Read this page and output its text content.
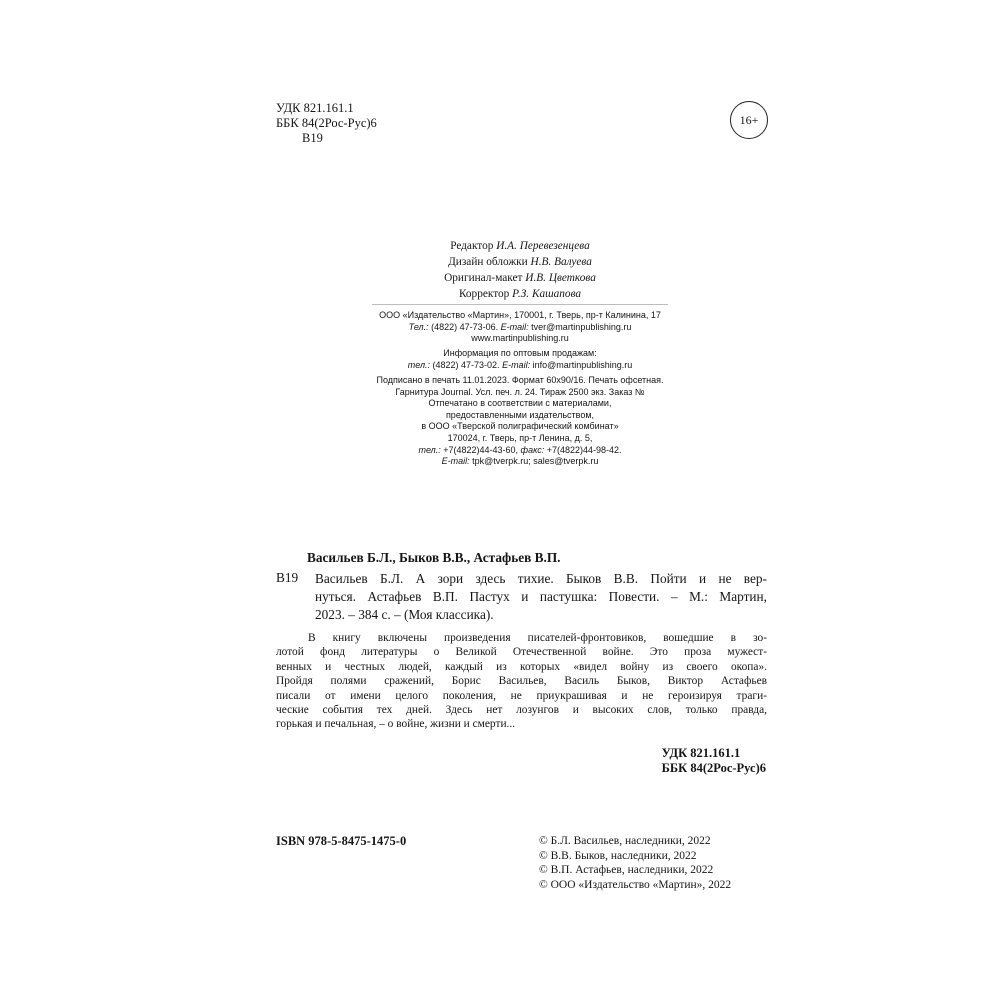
УДК 821.161.1
ББК 84(2Рос-Рус)6
В19
16+
Редактор И.А. Перевезенцева
Дизайн обложки Н.В. Валуева
Оригинал-макет И.В. Цветкова
Корректор Р.З. Кашапова
ООО «Издательство «Мартин», 170001, г. Тверь, пр-т Калинина, 17
Тел.: (4822) 47-73-06. E-mail: tver@martinpublishing.ru
www.martinpublishing.ru
Информация по оптовым продажам:
тел.: (4822) 47-73-02. E-mail: info@martinpublishing.ru
Подписано в печать 11.01.2023. Формат 60x90/16. Печать офсетная.
Гарнитура Journal. Усл. печ. л. 24. Тираж 2500 экз. Заказ №
Отпечатано в соответствии с материалами,
предоставленными издательством,
в ООО «Тверской полиграфический комбинат»
170024, г. Тверь, пр-т Ленина, д. 5,
тел.: +7(4822)44-43-60, факс: +7(4822)44-98-42.
E-mail: tpk@tverpk.ru; sales@tverpk.ru
Васильев Б.Л., Быков В.В., Астафьев В.П.
В19 Васильев Б.Л. А зори здесь тихие. Быков В.В. Пойти и не вер-
нуться. Астафьев В.П. Пастух и пастушка: Повести. – М.: Мартин,
2023. – 384 с. – (Моя классика).
В книгу включены произведения писателей-фронтовиков, вошедшие в зо-
лотой фонд литературы о Великой Отечественной войне. Это проза мужест-
венных и честных людей, каждый из которых «видел войну из своего окопа».
Пройдя полями сражений, Борис Васильев, Василь Быков, Виктор Астафьев
писали от имени целого поколения, не приукрашивая и не героизируя траги-
ческие события тех дней. Здесь нет лозунгов и высоких слов, только правда,
горькая и печальная, – о войне, жизни и смерти...
УДК 821.161.1
ББК 84(2Рос-Рус)6
ISBN 978-5-8475-1475-0	© Б.Л. Васильев, наследники, 2022
© В.В. Быков, наследники, 2022
© В.П. Астафьев, наследники, 2022
© ООО «Издательство «Мартин», 2022
